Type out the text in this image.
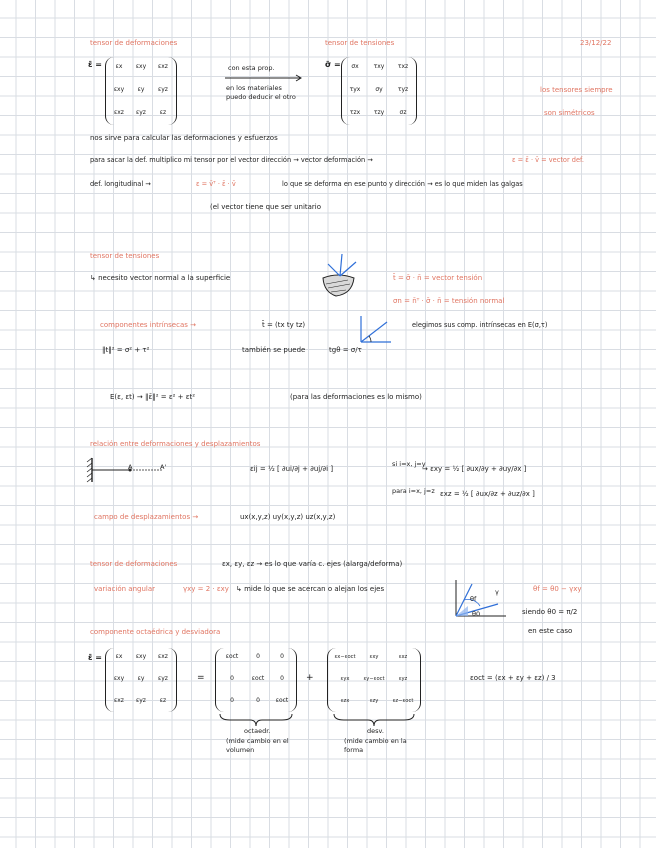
tensor de deformaciones	tensor de tensiones	23/12/22
ε̄ =	εx	εxy	εxz
εxy	εy	εyz
εxz	εyz	εz
con esta prop.
en los materiales puedo deducir el otro
σ̄ =	σx	τxy	τxz
τyx	σy	τyz
τzx	τzy	σz
los tensores siempre
son simétricos
nos sirve para calcular las deformaciones y esfuerzos
para sacar la def. multiplico mi tensor por el vector dirección → vector deformación →	ε = ε̄ · v̄ = vector def.
def. longitudinal →	ε = v̄ᵀ · ε̄ · v̄	lo que se deforma en ese punto y dirección → es lo que miden las galgas
(el vector tiene que ser unitario
tensor de tensiones
↳ necesito vector normal a la superficie	t̄ = σ̄ · n̄ = vector tensión
σn = n̄ᵀ · σ̄ · n̄ = tensión normal
componentes intrínsecas →	t̄ = (tx ty tz)	elegimos sus comp. intrínsecas en E(σ,τ)
‖t‖² = σ² + τ²	también se puede	tgθ = σ/τ
E(ε, εt) → ‖ε̄‖² = ε² + εt²	(para las deformaciones es lo mismo)
relación entre deformaciones y desplazamientos
A	A'	εij = ½ [ ∂ui/∂j + ∂uj/∂i ]
si i=x, j=y
→ εxy = ½ [ ∂ux/∂y + ∂uy/∂x ]
para i=x, j=z εxz = ½ [ ∂ux/∂z + ∂uz/∂x ]
campo de desplazamientos →	ux(x,y,z) uy(x,y,z) uz(x,y,z)
tensor de deformaciones	εx, εy, εz → es lo que varía c. ejes (alarga/deforma)
variación angular	γxy = 2 · εxy ↳ mide lo que se acercan o alejan los ejes
θ0
θf
γ	θf = θ0 − γxy
siendo θ0 = π/2
en este caso
componente octaédrica y desviadora
ε̄ =	εx	εxy	εxz
εxy	εy	εyz
εxz	εyz	εz
=
εoct	0	0
0	εoct	0
0	0	εoct
+
εx−εoct	εxy	εxz
εyx	εy−εoct	εyz
εzx	εzy	εz−εoct
octaedr.
(mide cambio en el volumen
desv.
(mide cambio en la forma
εoct = (εx + εy + εz) / 3
